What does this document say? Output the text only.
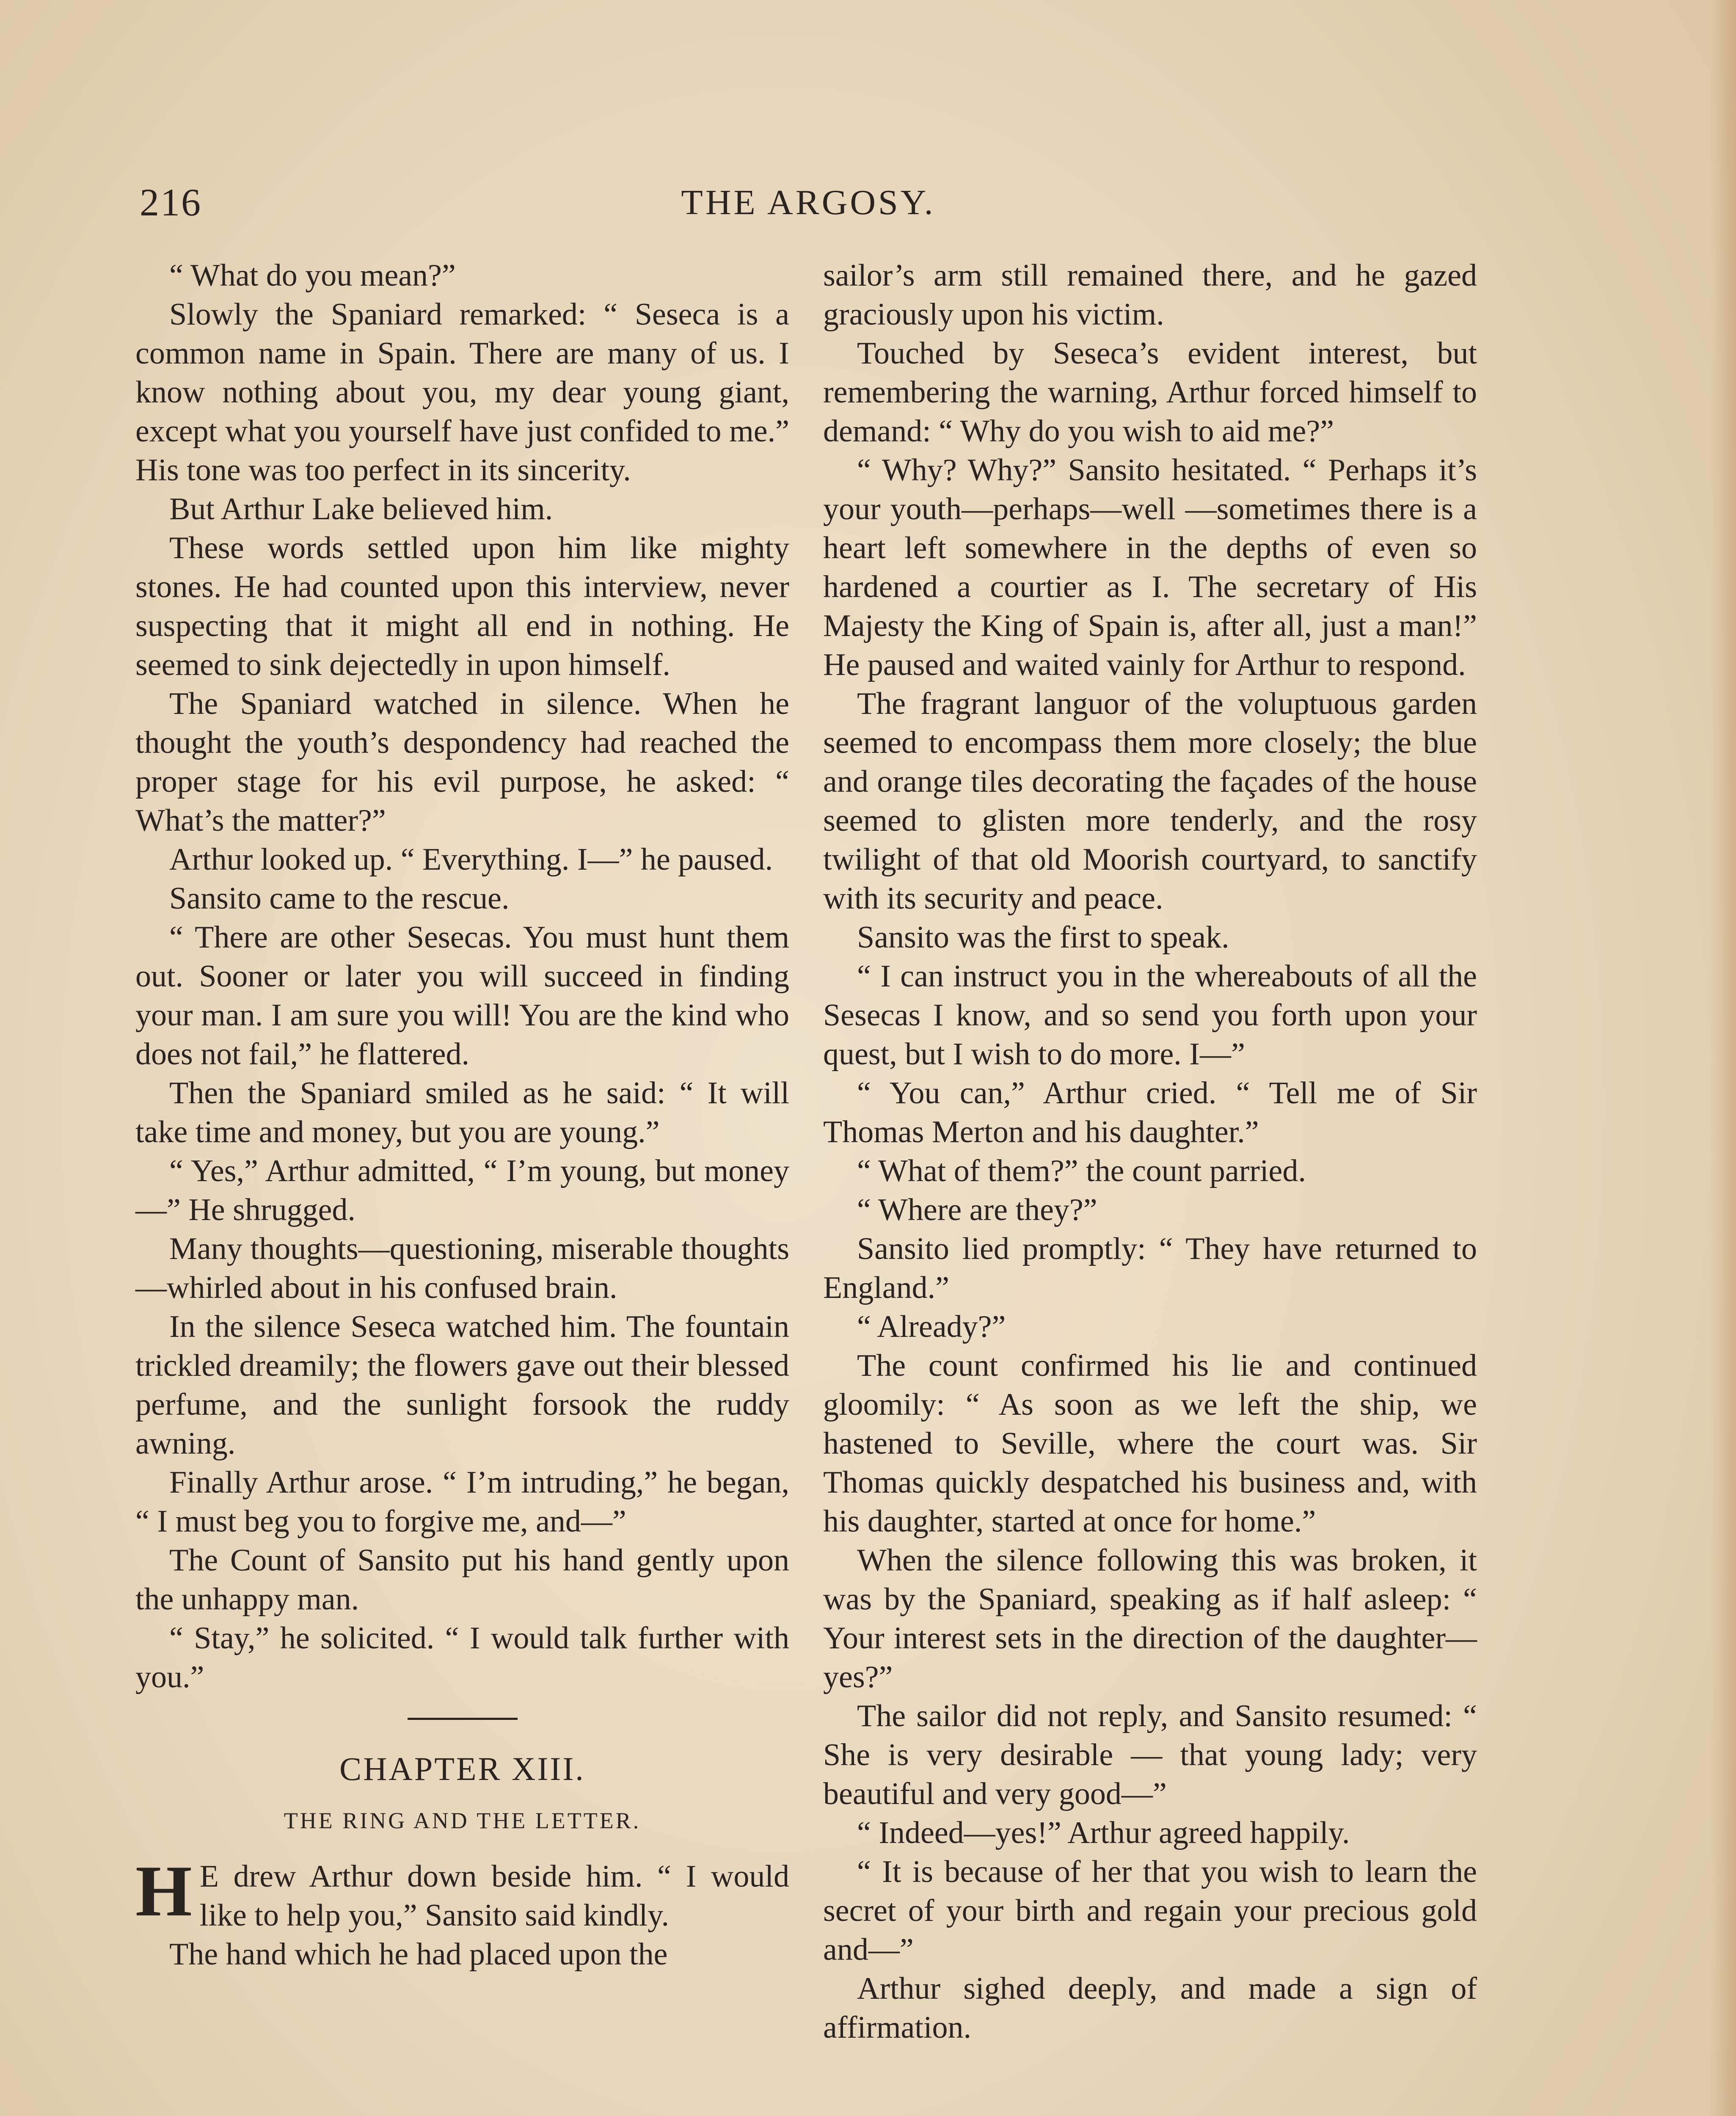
216	THE ARGOSY.

“ What do you mean?”

Slowly the Spaniard remarked: “ Seseca is a common name in Spain. There are many of us. I know nothing about you, my dear young giant, except what you yourself have just confided to me.” His tone was too perfect in its sincerity.

But Arthur Lake believed him.

These words settled upon him like mighty stones. He had counted upon this interview, never suspecting that it might all end in nothing. He seemed to sink dejectedly in upon himself.

The Spaniard watched in silence. When he thought the youth’s despondency had reached the proper stage for his evil purpose, he asked: “ What’s the matter?”

Arthur looked up. “ Everything. I—” he paused.

Sansito came to the rescue.

“ There are other Sesecas. You must hunt them out. Sooner or later you will succeed in finding your man. I am sure you will! You are the kind who does not fail,” he flattered.

Then the Spaniard smiled as he said: “ It will take time and money, but you are young.”

“ Yes,” Arthur admitted, “ I’m young, but money—” He shrugged.

Many thoughts—questioning, miserable thoughts—whirled about in his confused brain.

In the silence Seseca watched him. The fountain trickled dreamily; the flowers gave out their blessed perfume, and the sunlight forsook the ruddy awning.

Finally Arthur arose. “ I’m intruding,” he began, “ I must beg you to forgive me, and—”

The Count of Sansito put his hand gently upon the unhappy man.

“ Stay,” he solicited. “ I would talk further with you.”

CHAPTER XIII.
THE RING AND THE LETTER.

H E drew Arthur down beside him. “ I would like to help you,” Sansito said kindly.

The hand which he had placed upon the

sailor’s arm still remained there, and he gazed graciously upon his victim.

Touched by Seseca’s evident interest, but remembering the warning, Arthur forced himself to demand: “ Why do you wish to aid me?”

“ Why? Why?” Sansito hesitated. “ Perhaps it’s your youth—perhaps—well —sometimes there is a heart left somewhere in the depths of even so hardened a courtier as I. The secretary of His Majesty the King of Spain is, after all, just a man!” He paused and waited vainly for Arthur to respond.

The fragrant languor of the voluptuous garden seemed to encompass them more closely; the blue and orange tiles decorating the façades of the house seemed to glisten more tenderly, and the rosy twilight of that old Moorish courtyard, to sanctify with its security and peace.

Sansito was the first to speak.

“ I can instruct you in the whereabouts of all the Sesecas I know, and so send you forth upon your quest, but I wish to do more. I—”

“ You can,” Arthur cried. “ Tell me of Sir Thomas Merton and his daughter.”

“ What of them?” the count parried.

“ Where are they?”

Sansito lied promptly: “ They have returned to England.”

“ Already?”

The count confirmed his lie and continued gloomily: “ As soon as we left the ship, we hastened to Seville, where the court was. Sir Thomas quickly despatched his business and, with his daughter, started at once for home.”

When the silence following this was broken, it was by the Spaniard, speaking as if half asleep: “ Your interest sets in the direction of the daughter—yes?”

The sailor did not reply, and Sansito resumed: “ She is very desirable — that young lady; very beautiful and very good—”

“ Indeed—yes!” Arthur agreed happily.

“ It is because of her that you wish to learn the secret of your birth and regain your precious gold and—”

Arthur sighed deeply, and made a sign of affirmation.
